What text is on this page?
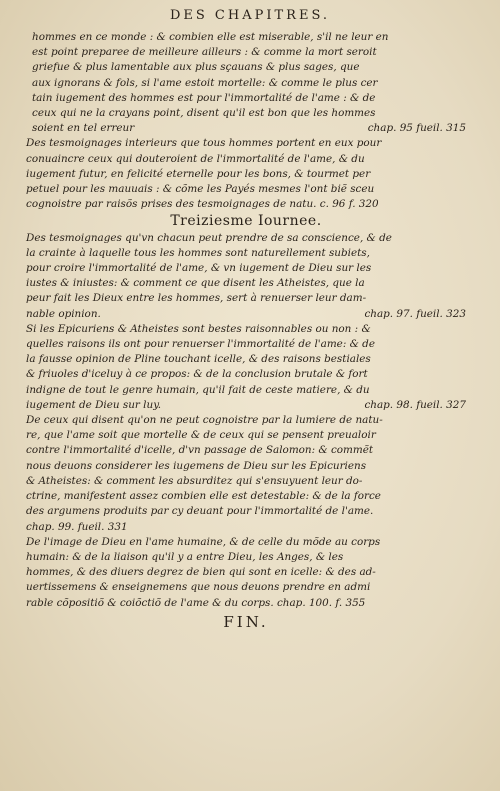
DES CHAPITRES.
hommes en ce monde : & combien elle est miserable, s'il ne leur en
est point preparee de meilleure ailleurs : & comme la mort seroit
griefue & plus lamentable aux plus sçauans & plus sages, que
aux ignorans & fols, si l'ame estoit mortelle: & comme le plus cer
tain iugement des hommes est pour l'immortalité de l'ame : & de
ceux qui ne la crayans point, disent qu'il est bon que les hommes
soient en tel erreur	chap. 95 fueil. 315
Des tesmoignages interieurs que tous hommes portent en eux pour
conuaincre ceux qui douteroient de l'immortalité de l'ame, & du
iugement futur, en felicité eternelle pour les bons, & tourmet per
petuel pour les mauuais : & cõme les Payés mesmes l'ont biẽ sceu
cognoistre par raisõs prises des tesmoignages de natu. c. 96 f. 320
Treiziesme Iournee.
Des tesmoignages qu'vn chacun peut prendre de sa conscience, & de
la crainte à laquelle tous les hommes sont naturellement subiets,
pour croire l'immortalité de l'ame, & vn iugement de Dieu sur les
iustes & iniustes: & comment ce que disent les Atheistes, que la
peur fait les Dieux entre les hommes, sert à renuerser leur dam-
nable opinion.	chap. 97. fueil. 323
Si les Epicuriens & Atheistes sont bestes raisonnables ou non : &
quelles raisons ils ont pour renuerser l'immortalité de l'ame: & de
la fausse opinion de Pline touchant icelle, & des raisons bestiales
& friuoles d'iceluy à ce propos: & de la conclusion brutale & fort
indigne de tout le genre humain, qu'il fait de ceste matiere, & du
iugement de Dieu sur luy.	chap. 98. fueil. 327
De ceux qui disent qu'on ne peut cognoistre par la lumiere de natu-
re, que l'ame soit que mortelle & de ceux qui se pensent preualoir
contre l'immortalité d'icelle, d'vn passage de Salomon: & commẽt
nous deuons considerer les iugemens de Dieu sur les Epicuriens
& Atheistes: & comment les absurditez qui s'ensuyuent leur do-
ctrine, manifestent assez combien elle est detestable: & de la force
des argumens produits par cy deuant pour l'immortalité de l'ame.
chap. 99. fueil. 331
De l'image de Dieu en l'ame humaine, & de celle du mõde au corps
humain: & de la liaison qu'il y a entre Dieu, les Anges, & les
hommes, & des diuers degrez de bien qui sont en icelle: & des ad-
uertissemens & enseignemens que nous deuons prendre en admi
rable cõpositiõ & coiõctiõ de l'ame & du corps. chap. 100. f. 355
FIN.
